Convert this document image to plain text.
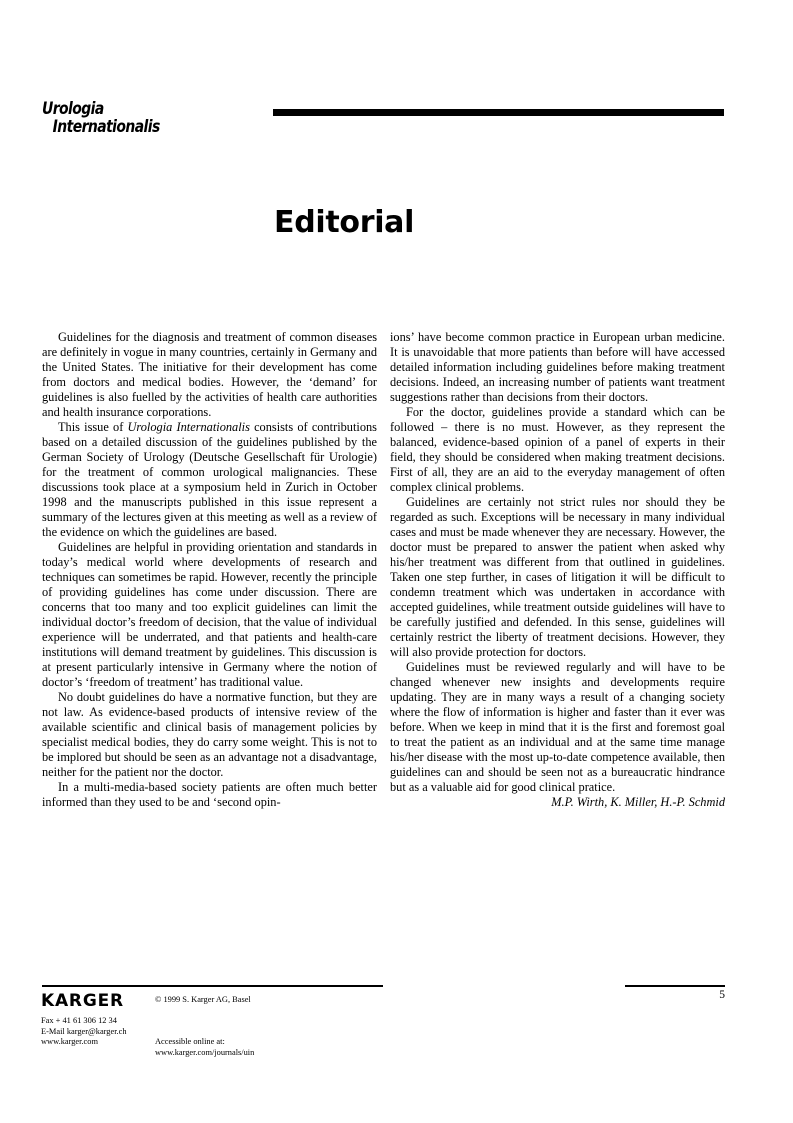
Urologia
Internationalis
Editorial

Guidelines for the diagnosis and treatment of common diseases are definitely in vogue in many countries, certainly in Germany and the United States. The initiative for their development has come from doctors and medical bodies. However, the ‘demand’ for guidelines is also fuelled by the activities of health care authorities and health insurance corporations.

This issue of Urologia Internationalis consists of contributions based on a detailed discussion of the guidelines published by the German Society of Urology (Deutsche Gesellschaft für Urologie) for the treatment of common urological malignancies. These discussions took place at a symposium held in Zurich in October 1998 and the manuscripts published in this issue represent a summary of the lectures given at this meeting as well as a review of the evidence on which the guidelines are based.

Guidelines are helpful in providing orientation and standards in today’s medical world where developments of research and techniques can sometimes be rapid. However, recently the principle of providing guidelines has come under discussion. There are concerns that too many and too explicit guidelines can limit the individual doctor’s freedom of decision, that the value of individual experience will be underrated, and that patients and health-care institutions will demand treatment by guidelines. This discussion is at present particularly intensive in Germany where the notion of doctor’s ‘freedom of treatment’ has traditional value.

No doubt guidelines do have a normative function, but they are not law. As evidence-based products of intensive review of the available scientific and clinical basis of management policies by specialist medical bodies, they do carry some weight. This is not to be implored but should be seen as an advantage not a disadvantage, neither for the patient nor the doctor.

In a multi-media-based society patients are often much better informed than they used to be and ‘second opin-

ions’ have become common practice in European urban medicine. It is unavoidable that more patients than before will have accessed detailed information including guidelines before making treatment decisions. Indeed, an increasing number of patients want treatment suggestions rather than decisions from their doctors.

For the doctor, guidelines provide a standard which can be followed – there is no must. However, as they represent the balanced, evidence-based opinion of a panel of experts in their field, they should be considered when making treatment decisions. First of all, they are an aid to the everyday management of often complex clinical problems.

Guidelines are certainly not strict rules nor should they be regarded as such. Exceptions will be necessary in many individual cases and must be made whenever they are necessary. However, the doctor must be prepared to answer the patient when asked why his/her treatment was different from that outlined in guidelines. Taken one step further, in cases of litigation it will be difficult to condemn treatment which was undertaken in accordance with accepted guidelines, while treatment outside guidelines will have to be carefully justified and defended. In this sense, guidelines will certainly restrict the liberty of treatment decisions. However, they will also provide protection for doctors.

Guidelines must be reviewed regularly and will have to be changed whenever new insights and developments require updating. They are in many ways a result of a changing society where the flow of information is higher and faster than it ever was before. When we keep in mind that it is the first and foremost goal to treat the patient as an individual and at the same time manage his/her disease with the most up-to-date competence available, then guidelines can and should be seen not as a bureaucratic hindrance but as a valuable aid for good clinical pratice.

M.P. Wirth, K. Miller, H.-P. Schmid

KARGER	© 1999 S. Karger AG, Basel
Fax + 41 61 306 12 34
E-Mail karger@karger.ch
www.karger.com	Accessible online at:
www.karger.com/journals/uin
5
